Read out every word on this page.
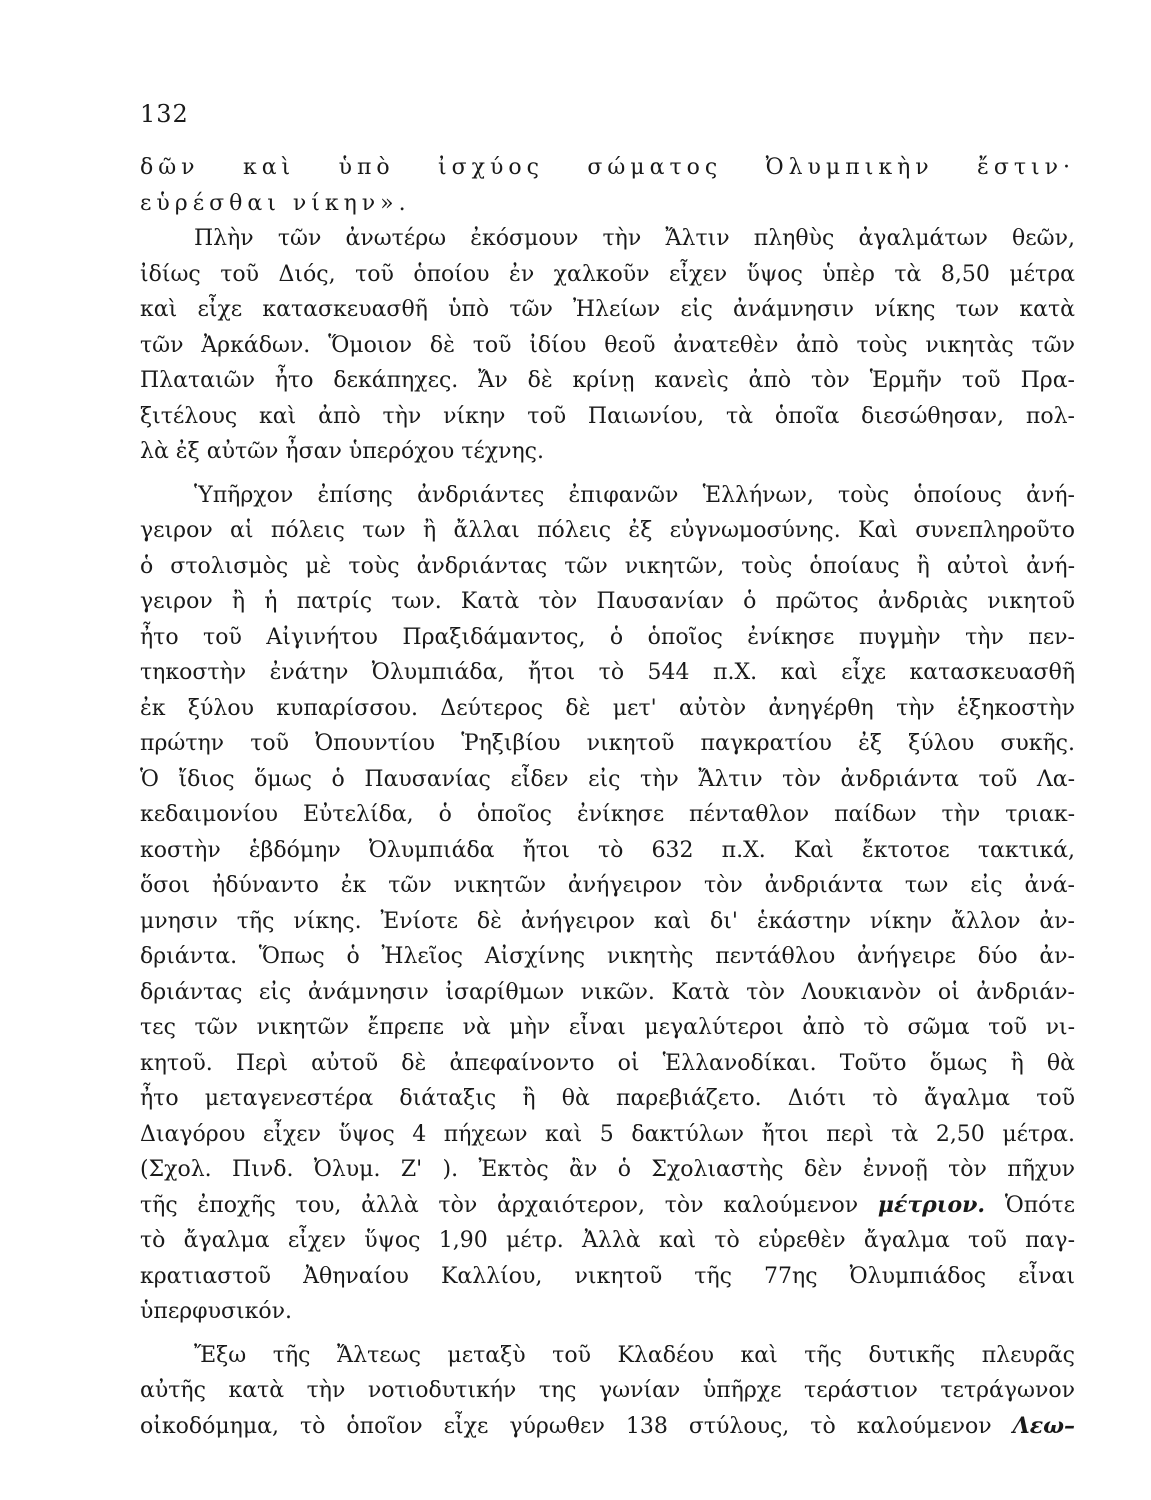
132
δῶν καὶ ὑπὸ ἰσχύος σώματος Ὀλυμπικὴν ἔστιν·
εὑρέσθαι νίκην».
Πλὴν τῶν ἀνωτέρω ἐκόσμουν τὴν Ἄλτιν πληθὺς ἀγαλμάτων θεῶν,
ἰδίως τοῦ Διός, τοῦ ὁποίου ἐν χαλκοῦν εἶχεν ὕψος ὑπὲρ τὰ 8,50 μέτρα
καὶ εἶχε κατασκευασθῆ ὑπὸ τῶν Ἠλείων εἰς ἀνάμνησιν νίκης των κατὰ
τῶν Ἀρκάδων. Ὅμοιον δὲ τοῦ ἰδίου θεοῦ ἀνατεθὲν ἀπὸ τοὺς νικητὰς τῶν
Πλαταιῶν ἦτο δεκάπηχες. Ἄν δὲ κρίνῃ κανεὶς ἀπὸ τὸν Ἑρμῆν τοῦ Πρα-
ξιτέλους καὶ ἀπὸ τὴν νίκην τοῦ Παιωνίου, τὰ ὁποῖα διεσώθησαν, πολ-
λὰ ἐξ αὐτῶν ἦσαν ὑπερόχου τέχνης.
Ὑπῆρχον ἐπίσης ἀνδριάντες ἐπιφανῶν Ἑλλήνων, τοὺς ὁποίους ἀνή-
γειρον αἱ πόλεις των ἢ ἄλλαι πόλεις ἐξ εὐγνωμοσύνης. Καὶ συνεπληροῦτο
ὁ στολισμὸς μὲ τοὺς ἀνδριάντας τῶν νικητῶν, τοὺς ὁποίαυς ἢ αὐτοὶ ἀνή-
γειρον ἢ ἡ πατρίς των. Κατὰ τὸν Παυσανίαν ὁ πρῶτος ἀνδριὰς νικητοῦ
ἦτο τοῦ Αἰγινήτου Πραξιδάμαντος, ὁ ὁποῖος ἐνίκησε πυγμὴν τὴν πεν-
τηκοστὴν ἐνάτην Ὀλυμπιάδα, ἤτοι τὸ 544 π.Χ. καὶ εἶχε κατασκευασθῆ
ἐκ ξύλου κυπαρίσσου. Δεύτερος δὲ μετ' αὐτὸν ἀνηγέρθη τὴν ἑξηκοστὴν
πρώτην τοῦ Ὀπουντίου Ῥηξιβίου νικητοῦ παγκρατίου ἐξ ξύλου συκῆς.
Ὁ ἴδιος ὅμως ὁ Παυσανίας εἶδεν εἰς τὴν Ἄλτιν τὸν ἀνδριάντα τοῦ Λα-
κεδαιμονίου Εὐτελίδα, ὁ ὁποῖος ἐνίκησε πένταθλον παίδων τὴν τριακ-
κοστὴν ἑβδόμην Ὀλυμπιάδα ἤτοι τὸ 632 π.Χ. Καὶ ἔκτοτοε τακτικά,
ὅσοι ἠδύναντο ἐκ τῶν νικητῶν ἀνήγειρον τὸν ἀνδριάντα των εἰς ἀνά-
μνησιν τῆς νίκης. Ἐνίοτε δὲ ἀνήγειρον καὶ δι' ἑκάστην νίκην ἄλλον ἀν-
δριάντα. Ὅπως ὁ Ἠλεῖος Αἰσχίνης νικητὴς πεντάθλου ἀνήγειρε δύο ἀν-
δριάντας εἰς ἀνάμνησιν ἰσαρίθμων νικῶν. Κατὰ τὸν Λουκιανὸν οἱ ἀνδριάν-
τες τῶν νικητῶν ἔπρεπε νὰ μὴν εἶναι μεγαλύτεροι ἀπὸ τὸ σῶμα τοῦ νι-
κητοῦ. Περὶ αὐτοῦ δὲ ἀπεφαίνοντο οἱ Ἑλλανοδίκαι. Τοῦτο ὅμως ἢ θὰ
ἦτο μεταγενεστέρα διάταξις ἢ θὰ παρεβιάζετο. Διότι τὸ ἄγαλμα τοῦ
Διαγόρου εἶχεν ὕψος 4 πήχεων καὶ 5 δακτύλων ἤτοι περὶ τὰ 2,50 μέτρα.
(Σχολ. Πινδ. Ὀλυμ. Ζ' ). Ἐκτὸς ἂν ὁ Σχολιαστὴς δὲν ἐννοῇ τὸν πῆχυν
τῆς ἐποχῆς του, ἀλλὰ τὸν ἀρχαιότερον, τὸν καλούμενον μέτριον. Ὁπότε
τὸ ἄγαλμα εἶχεν ὕψος 1,90 μέτρ. Ἀλλὰ καὶ τὸ εὑρεθὲν ἄγαλμα τοῦ παγ-
κρατιαστοῦ Ἀθηναίου Καλλίου, νικητοῦ τῆς 77ης Ὀλυμπιάδος εἶναι
ὑπερφυσικόν.
Ἔξω τῆς Ἄλτεως μεταξὺ τοῦ Κλαδέου καὶ τῆς δυτικῆς πλευρᾶς
αὐτῆς κατὰ τὴν νοτιοδυτικήν της γωνίαν ὑπῆρχε τεράστιον τετράγωνον
οἰκοδόμημα, τὸ ὁποῖον εἶχε γύρωθεν 138 στύλους, τὸ καλούμενον Λεω–
